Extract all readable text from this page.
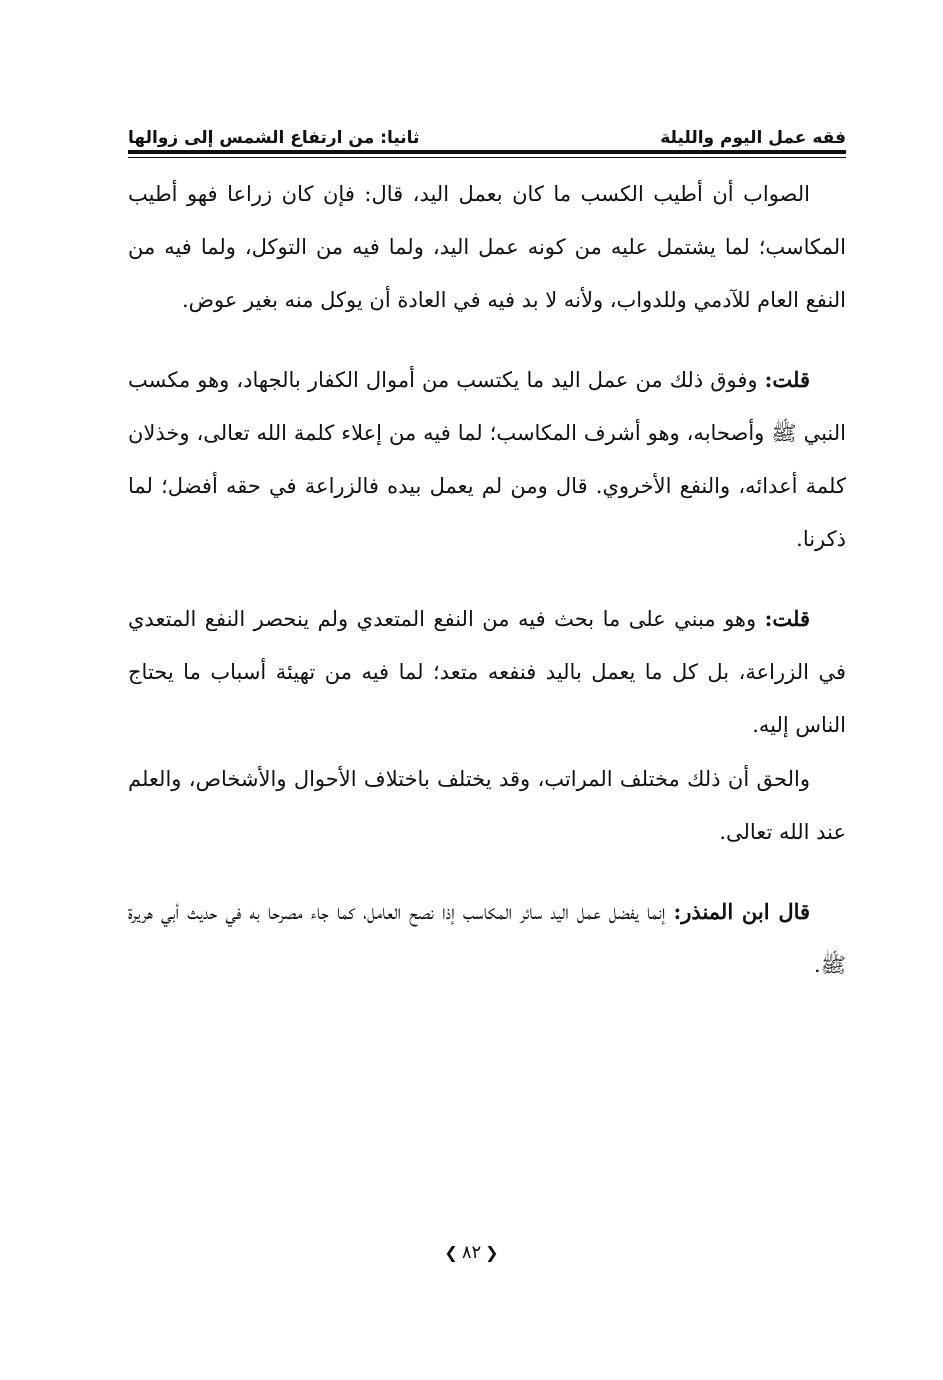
فقه عمل اليوم والليلة
ثانيا: من ارتفاع الشمس إلى زوالها

الصواب أن أطيب الكسب ما كان بعمل اليد، قال: فإن كان زراعا فهو أطيب المكاسب؛ لما يشتمل عليه من كونه عمل اليد، ولما فيه من التوكل، ولما فيه من النفع العام للآدمي وللدواب، ولأنه لا بد فيه في العادة أن يوكل منه بغير عوض.

قلت: وفوق ذلك من عمل اليد ما يكتسب من أموال الكفار بالجهاد، وهو مكسب النبي ﷺ وأصحابه، وهو أشرف المكاسب؛ لما فيه من إعلاء كلمة الله تعالى، وخذلان كلمة أعدائه، والنفع الأخروي. قال ومن لم يعمل بيده فالزراعة في حقه أفضل؛ لما ذكرنا.

قلت: وهو مبني على ما بحث فيه من النفع المتعدي ولم ينحصر النفع المتعدي في الزراعة، بل كل ما يعمل باليد فنفعه متعد؛ لما فيه من تهيئة أسباب ما يحتاج الناس إليه.

والحق أن ذلك مختلف المراتب، وقد يختلف باختلاف الأحوال والأشخاص، والعلم عند الله تعالى.

قال ابن المنذر: إنما يفضل عمل اليد سائر المكاسب إذا نصح العامل، كما جاء مصرحا به في حديث أبي هريرة ﷺ.

❮٨٢❯
